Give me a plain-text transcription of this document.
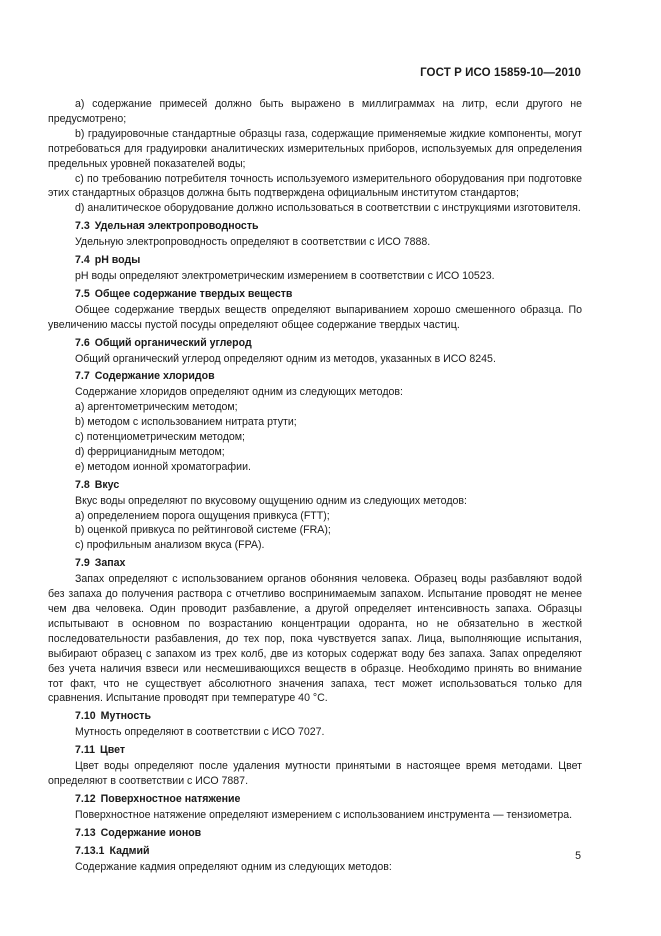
ГОСТ Р ИСО 15859-10—2010

a) содержание примесей должно быть выражено в миллиграммах на литр, если другого не предусмотрено;

b) градуировочные стандартные образцы газа, содержащие применяемые жидкие компоненты, могут потребоваться для градуировки аналитических измерительных приборов, используемых для определения предельных уровней показателей воды;

c) по требованию потребителя точность используемого измерительного оборудования при подготовке этих стандартных образцов должна быть подтверждена официальным институтом стандартов;

d) аналитическое оборудование должно использоваться в соответствии с инструкциями изготовителя.

7.3 Удельная электропроводность

Удельную электропроводность определяют в соответствии с ИСО 7888.

7.4 pH воды

pH воды определяют электрометрическим измерением в соответствии с ИСО 10523.

7.5 Общее содержание твердых веществ

Общее содержание твердых веществ определяют выпариванием хорошо смешенного образца. По увеличению массы пустой посуды определяют общее содержание твердых частиц.

7.6 Общий органический углерод

Общий органический углерод определяют одним из методов, указанных в ИСО 8245.

7.7 Содержание хлоридов

Содержание хлоридов определяют одним из следующих методов:

a) аргентометрическим методом;
b) методом с использованием нитрата ртути;
c) потенциометрическим методом;
d) феррицианидным методом;
e) методом ионной хроматографии.
7.8 Вкус

Вкус воды определяют по вкусовому ощущению одним из следующих методов:

a) определением порога ощущения привкуса (FTT);
b) оценкой привкуса по рейтинговой системе (FRA);
c) профильным анализом вкуса (FPA).
7.9 Запах

Запах определяют с использованием органов обоняния человека. Образец воды разбавляют водой без запаха до получения раствора с отчетливо воспринимаемым запахом. Испытание проводят не менее чем два человека. Один проводит разбавление, а другой определяет интенсивность запаха. Образцы испытывают в основном по возрастанию концентрации одоранта, но не обязательно в жесткой последовательности разбавления, до тех пор, пока чувствуется запах. Лица, выполняющие испытания, выбирают образец с запахом из трех колб, две из которых содержат воду без запаха. Запах определяют без учета наличия взвеси или несмешивающихся веществ в образце. Необходимо принять во внимание тот факт, что не существует абсолютного значения запаха, тест может использоваться только для сравнения. Испытание проводят при температуре 40 °С.

7.10 Мутность

Мутность определяют в соответствии с ИСО 7027.

7.11 Цвет

Цвет воды определяют после удаления мутности принятыми в настоящее время методами. Цвет определяют в соответствии с ИСО 7887.

7.12 Поверхностное натяжение

Поверхностное натяжение определяют измерением с использованием инструмента — тензиометра.

7.13 Содержание ионов
7.13.1 Кадмий

Содержание кадмия определяют одним из следующих методов:

5
